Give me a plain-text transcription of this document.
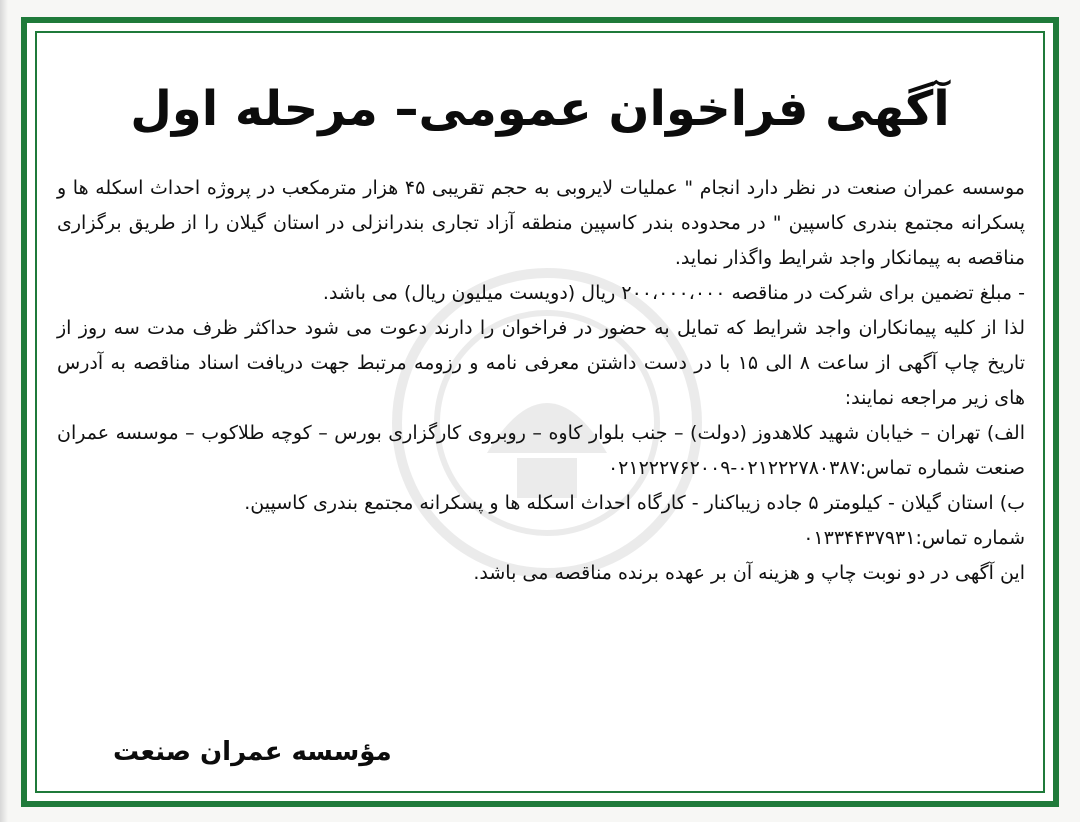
آگهی فراخوان عمومی– مرحله اول

موسسه عمران صنعت در نظر دارد انجام " عملیات لایروبی به حجم تقریبی ۴۵ هزار مترمکعب در پروژه احداث اسکله ها و پسکرانه مجتمع بندری کاسپین " در محدوده بندر کاسپین منطقه آزاد تجاری بندرانزلی در استان گیلان را از طریق برگزاری مناقصه به پیمانکار واجد شرایط واگذار نماید.

- مبلغ تضمین برای شرکت در مناقصه ۲۰۰،۰۰۰،۰۰۰ ریال (دویست میلیون ریال) می باشد.

لذا از کلیه پیمانکاران واجد شرایط که تمایل به حضور در فراخوان را دارند دعوت می شود حداکثر ظرف مدت سه روز از تاریخ چاپ آگهی از ساعت ۸ الی ۱۵ با در دست داشتن معرفی نامه و رزومه مرتبط جهت دریافت اسناد مناقصه به آدرس های زیر مراجعه نمایند:

الف) تهران – خیابان شهید کلاهدوز (دولت) – جنب بلوار کاوه – روبروی کارگزاری بورس – کوچه طلاکوب – موسسه عمران صنعت شماره تماس:۰۲۱۲۲۲۷۸۰۳۸۷-۰۲۱۲۲۲۷۶۲۰۰۹

ب) استان گیلان - کیلومتر ۵ جاده زیباکنار - کارگاه احداث اسکله ها و پسکرانه مجتمع بندری کاسپین.

شماره تماس:۰۱۳۳۴۴۳۷۹۳۱

این آگهی در دو نوبت چاپ و هزینه آن بر عهده برنده مناقصه می باشد.

مؤسسه عمران صنعت
